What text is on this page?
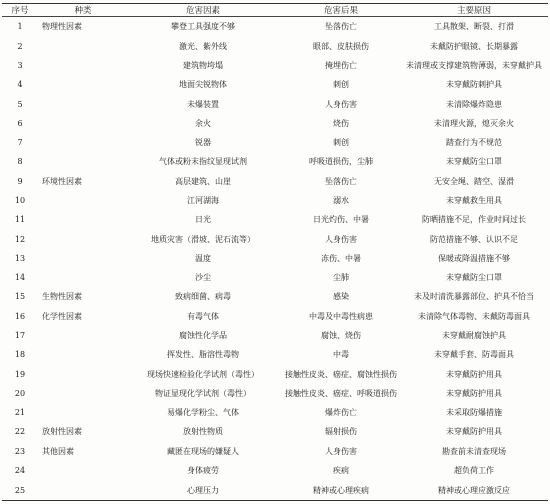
序号	种类	危害因素	危害后果	主要原因
1	物理性因素	攀登工具强度不够	坠落伤亡	工具散架、断裂、打滑
2		激光、紫外线	眼部、皮肤损伤	未戴防护眼镜、长期暴露
3		建筑物垮塌	掩埋伤亡	未清理或支撑建筑物薄弱，未穿戴护具
4		地面尖锐物体	刺创	未穿戴防刺护具
5		未爆装置	人身伤害	未清除爆炸隐患
6		余火	烧伤	未清理火源，熄灭余火
7		锐器	刺创	踏查行为不规范
8		气体或粉末指纹显现试剂	呼吸道损伤，尘肺	未穿戴防尘口罩
9	环境性因素	高层建筑、山崖	坠落伤亡	无安全绳、踏空、湿滑
10		江河湖海	溺水	未穿戴救生用具
11		日光	日光灼伤、中暑	防晒措施不足，作业时间过长
12		地质灾害（滑坡、泥石流等）	人身伤害	防范措施不够、认识不足
13		温度	冻伤、中暑	保暖或降温措施不够
14		沙尘	尘肺	未穿戴防尘口罩
15	生物性因素	致病细菌、病毒	感染	未及时清洗暴露部位、护具不恰当
16	化学性因素	有毒气体	中毒及中毒性病患	未清除气体毒物、未戴防毒面具
17		腐蚀性化学品	腐蚀、烧伤	未穿戴耐腐蚀护具
18		挥发性、脂溶性毒物	中毒	未穿戴手套、防毒面具
19		现场快速检验化学试剂（毒性）	接触性皮炎、癌症、腐蚀性损伤	未穿戴防护用具
20		物证显现化学试剂（毒性）	接触性皮炎、癌症、呼吸道损伤	未穿戴防护用具
21		易爆化学粉尘、气体	爆炸伤亡	未采取防爆措施
22	放射性因素	放射性物质	辐射损伤	未穿戴防护用具
23	其他因素	藏匿在现场的嫌疑人	人身伤害	勘查前未清查现场
24		身体疲劳	疾病	超负荷工作
25		心理压力	精神或心理疾病	精神或心理应激反应
